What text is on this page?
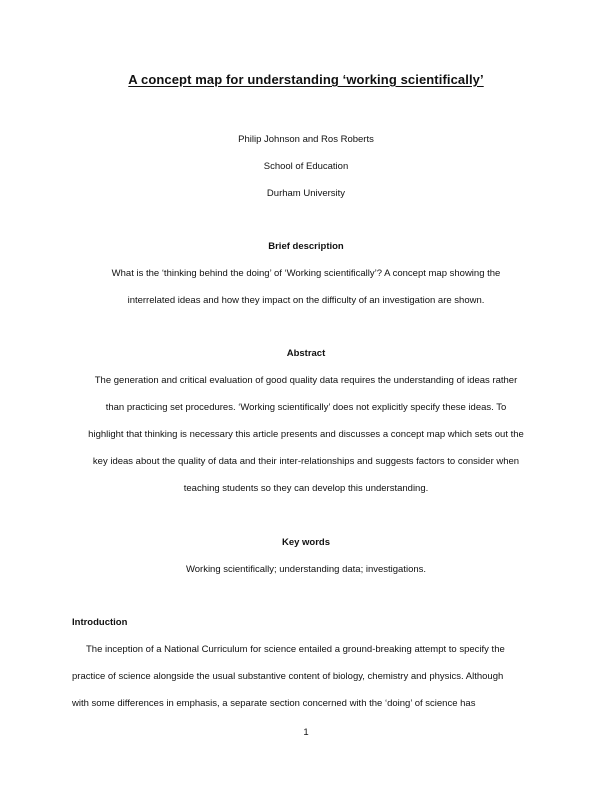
A concept map for understanding ‘working scientifically’

Philip Johnson and Ros Roberts

School of Education

Durham University

Brief description

What is the ‘thinking behind the doing’ of ‘Working scientifically’? A concept map showing the
interrelated ideas and how they impact on the difficulty of an investigation are shown.

Abstract

The generation and critical evaluation of good quality data requires the understanding of ideas rather
than practicing set procedures. ‘Working scientifically’ does not explicitly specify these ideas. To
highlight that thinking is necessary this article presents and discusses a concept map which sets out the
key ideas about the quality of data and their inter-relationships and suggests factors to consider when
teaching students so they can develop this understanding.

Key words

Working scientifically; understanding data; investigations.

Introduction

The inception of a National Curriculum for science entailed a ground-breaking attempt to specify the
practice of science alongside the usual substantive content of biology, chemistry and physics. Although
with some differences in emphasis, a separate section concerned with the ‘doing’ of science has

1
